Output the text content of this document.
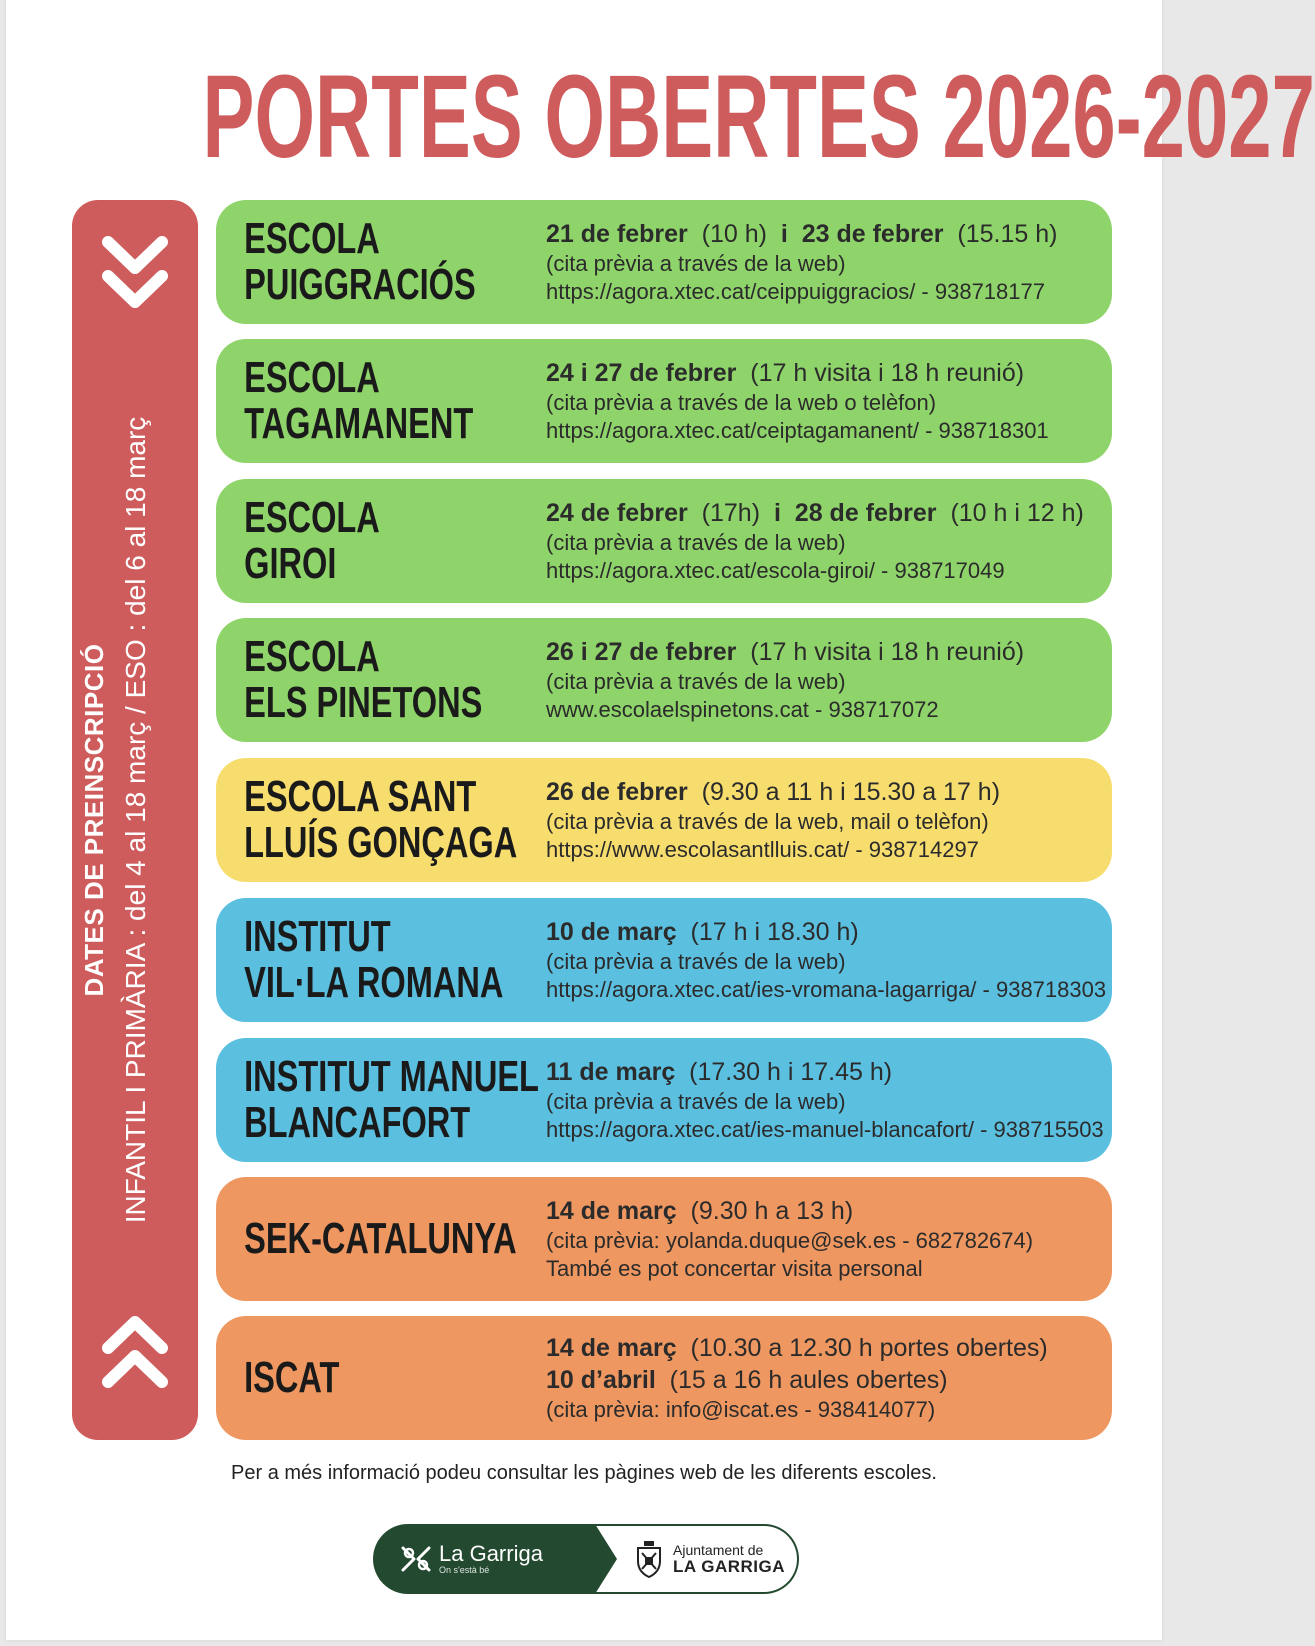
PORTES OBERTES 2026-2027
DATES DE PREINSCRIPCIÓ INFANTIL I PRIMÀRIA : del 4 al 18 març / ESO : del 6 al 18 març
ESCOLA
PUIGGRACIÓS
21 de febrer (10 h) i 23 de febrer (15.15 h)
(cita prèvia a través de la web)
https://agora.xtec.cat/ceippuiggracios/ - 938718177
ESCOLA
TAGAMANENT
24 i 27 de febrer (17 h visita i 18 h reunió)
(cita prèvia a través de la web o telèfon)
https://agora.xtec.cat/ceiptagamanent/ - 938718301
ESCOLA
GIROI
24 de febrer (17h) i 28 de febrer (10 h i 12 h)
(cita prèvia a través de la web)
https://agora.xtec.cat/escola-giroi/ - 938717049
ESCOLA
ELS PINETONS
26 i 27 de febrer (17 h visita i 18 h reunió)
(cita prèvia a través de la web)
www.escolaelspinetons.cat - 938717072
ESCOLA SANT
LLUÍS GONÇAGA
26 de febrer (9.30 a 11 h i 15.30 a 17 h)
(cita prèvia a través de la web, mail o telèfon)
https://www.escolasantlluis.cat/ - 938714297
INSTITUT
VIL·LA ROMANA
10 de març (17 h i 18.30 h)
(cita prèvia a través de la web)
https://agora.xtec.cat/ies-vromana-lagarriga/ - 938718303
INSTITUT MANUEL
BLANCAFORT
11 de març (17.30 h i 17.45 h)
(cita prèvia a través de la web)
https://agora.xtec.cat/ies-manuel-blancafort/ - 938715503
SEK-CATALUNYA
14 de març (9.30 h a 13 h)
(cita prèvia: yolanda.duque@sek.es - 682782674)
També es pot concertar visita personal
ISCAT
14 de març (10.30 a 12.30 h portes obertes)
10 d’abril (15 a 16 h aules obertes)
(cita prèvia: info@iscat.es - 938414077)
Per a més informació podeu consultar les pàgines web de les diferents escoles.
La Garriga
On s'està bé
Ajuntament de
LA GARRIGA
